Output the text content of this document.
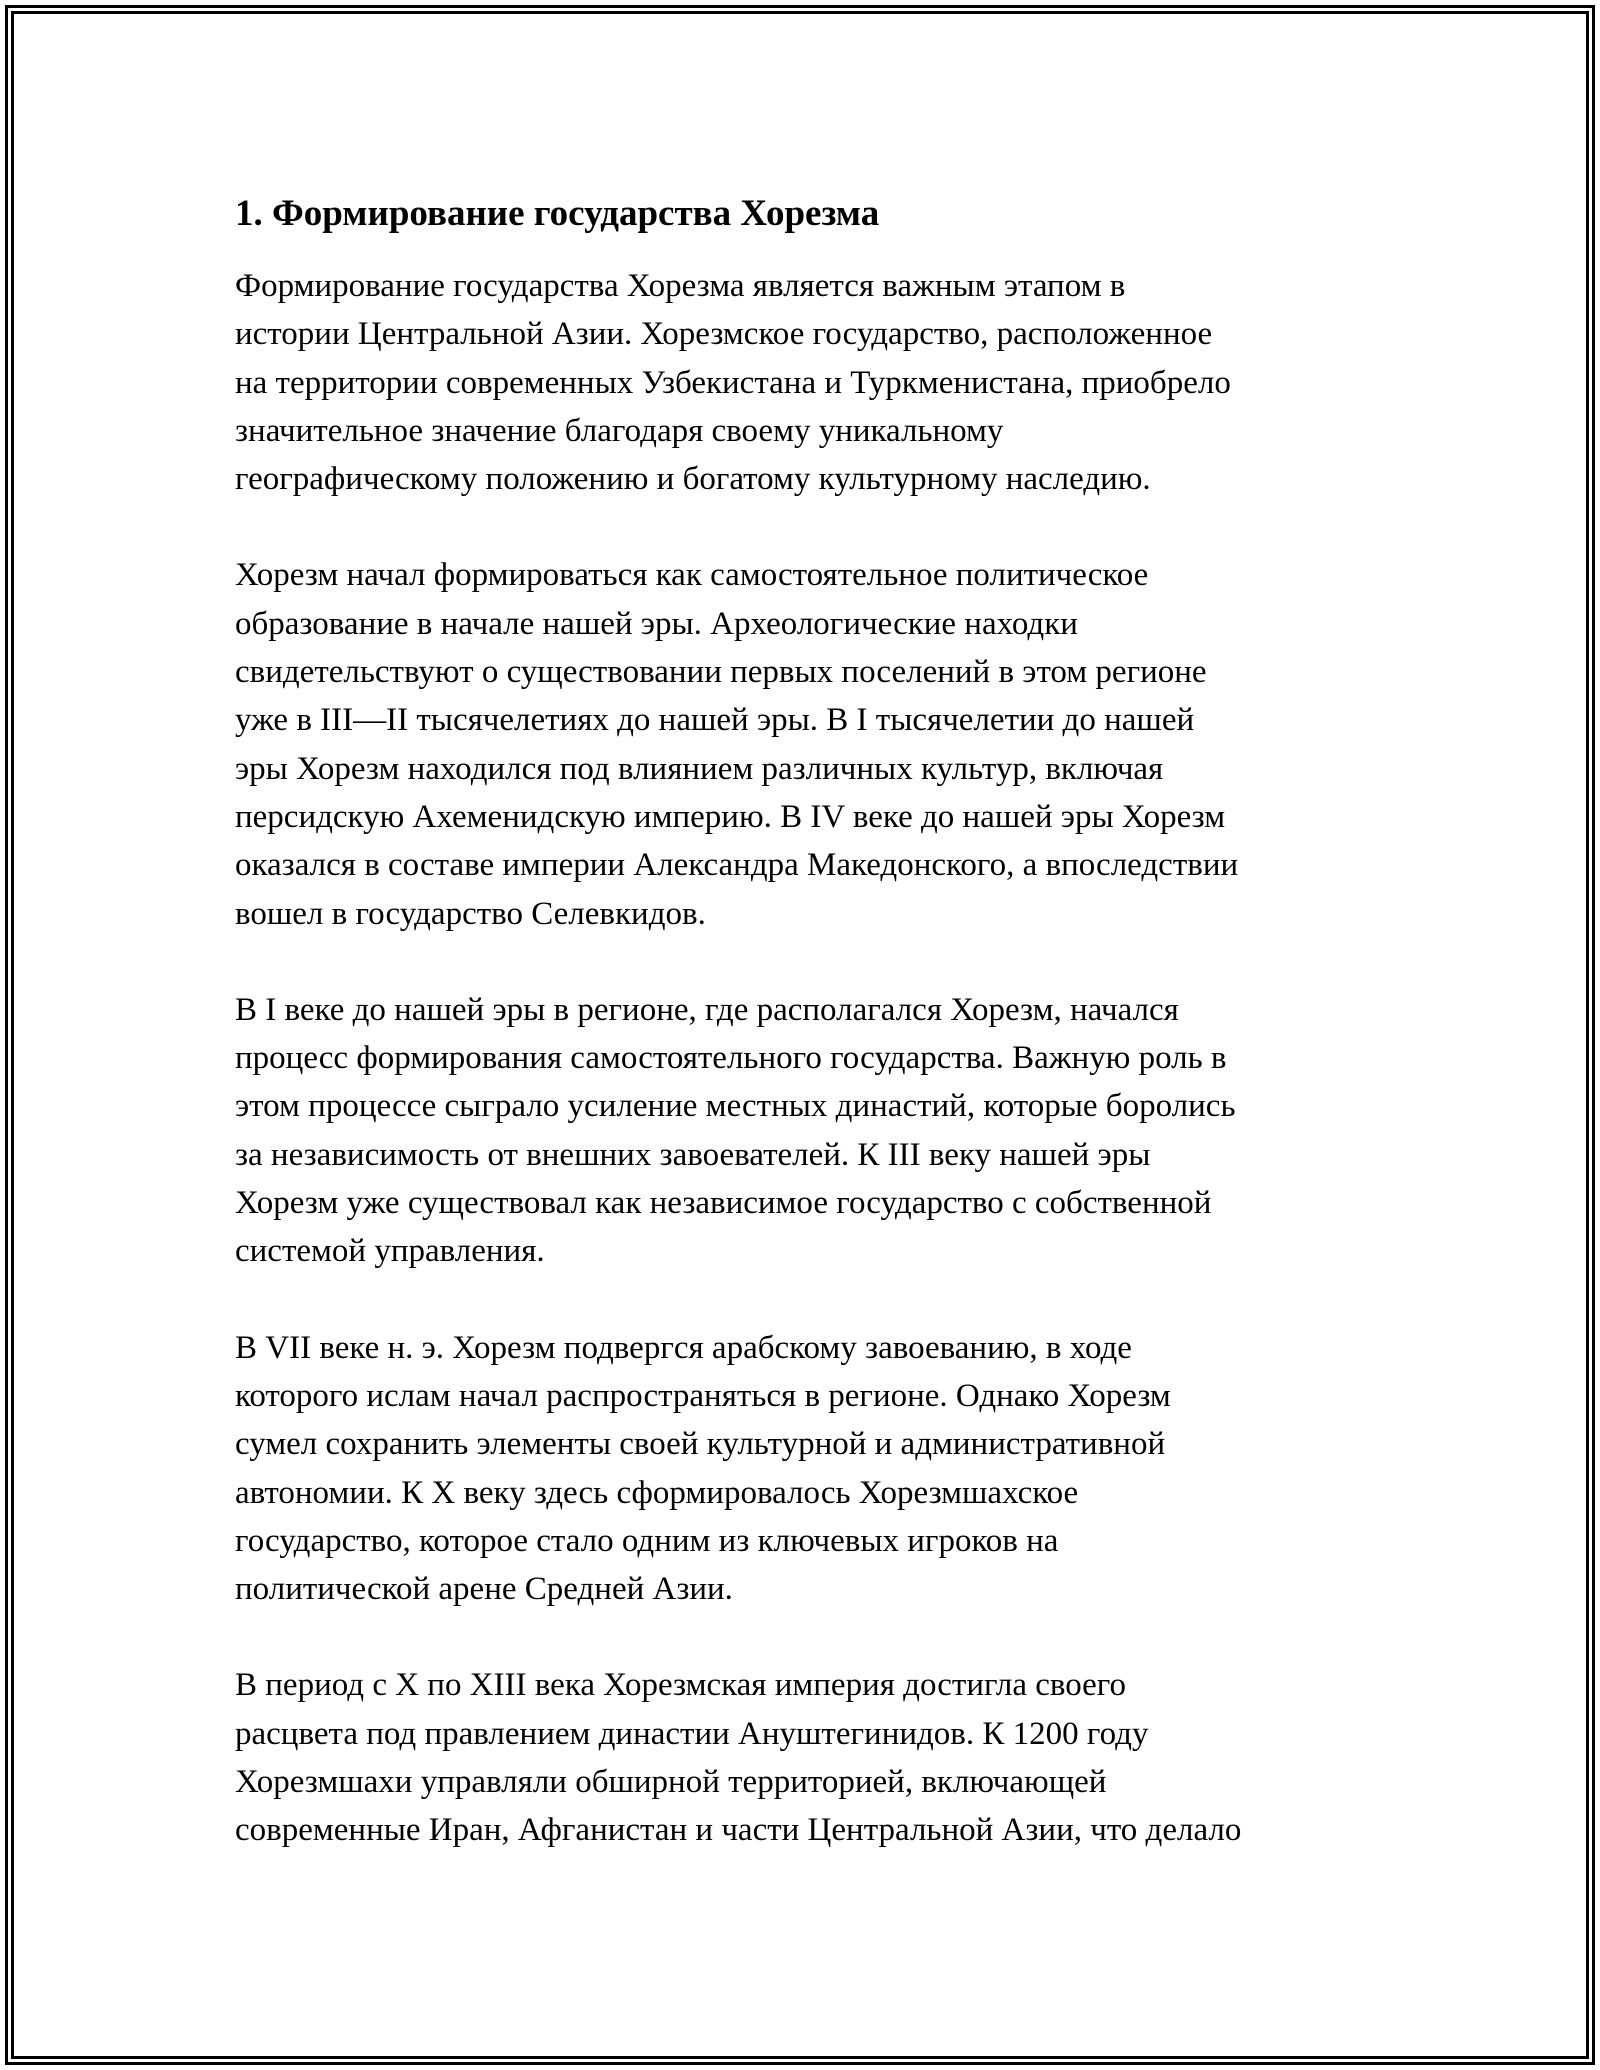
1. Формирование государства Хорезма

Формирование государства Хорезма является важным этапом в
истории Центральной Азии. Хорезмское государство, расположенное
на территории современных Узбекистана и Туркменистана, приобрело
значительное значение благодаря своему уникальному
географическому положению и богатому культурному наследию.

Хорезм начал формироваться как самостоятельное политическое
образование в начале нашей эры. Археологические находки
свидетельствуют о существовании первых поселений в этом регионе
уже в III—II тысячелетиях до нашей эры. В I тысячелетии до нашей
эры Хорезм находился под влиянием различных культур, включая
персидскую Ахеменидскую империю. В IV веке до нашей эры Хорезм
оказался в составе империи Александра Македонского, а впоследствии
вошел в государство Селевкидов.

В I веке до нашей эры в регионе, где располагался Хорезм, начался
процесс формирования самостоятельного государства. Важную роль в
этом процессе сыграло усиление местных династий, которые боролись
за независимость от внешних завоевателей. К III веку нашей эры
Хорезм уже существовал как независимое государство с собственной
системой управления.

В VII веке н. э. Хорезм подвергся арабскому завоеванию, в ходе
которого ислам начал распространяться в регионе. Однако Хорезм
сумел сохранить элементы своей культурной и административной
автономии. К X веку здесь сформировалось Хорезмшахское
государство, которое стало одним из ключевых игроков на
политической арене Средней Азии.

В период с X по XIII века Хорезмская империя достигла своего
расцвета под правлением династии Ануштегинидов. К 1200 году
Хорезмшахи управляли обширной территорией, включающей
современные Иран, Афганистан и части Центральной Азии, что делало
